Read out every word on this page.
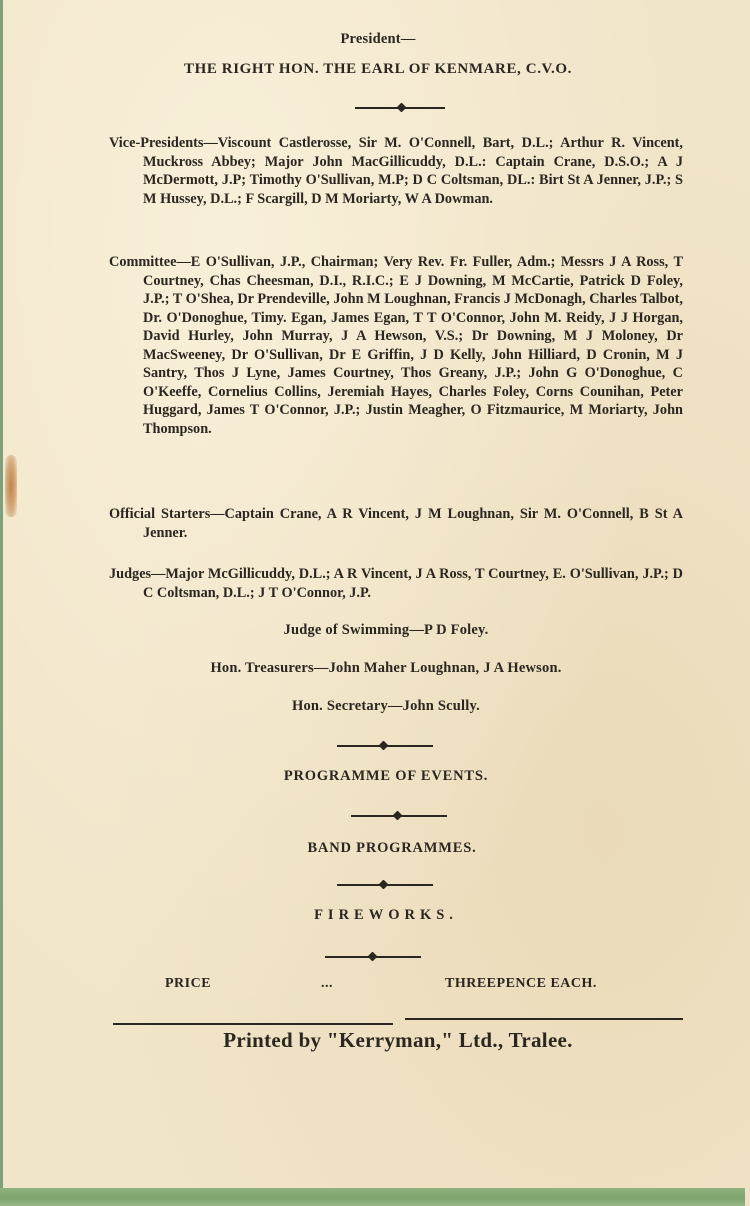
President—
THE RIGHT HON. THE EARL OF KENMARE, C.V.O.

Vice-Presidents—Viscount Castlerosse, Sir M. O'Connell, Bart, D.L.; Arthur R. Vincent, Muckross Abbey; Major John MacGillicuddy, D.L.: Captain Crane, D.S.O.; A J McDermott, J.P; Timothy O'Sullivan, M.P; D C Coltsman, DL.: Birt St A Jenner, J.P.; S M Hussey, D.L.; F Scargill, D M Moriarty, W A Dowman.

Committee—E O'Sullivan, J.P., Chairman; Very Rev. Fr. Fuller, Adm.; Messrs J A Ross, T Courtney, Chas Cheesman, D.I., R.I.C.; E J Downing, M McCartie, Patrick D Foley, J.P.; T O'Shea, Dr Prendeville, John M Loughnan, Francis J McDonagh, Charles Talbot, Dr. O'Donoghue, Timy. Egan, James Egan, T T O'Connor, John M. Reidy, J J Horgan, David Hurley, John Murray, J A Hewson, V.S.; Dr Downing, M J Moloney, Dr MacSweeney, Dr O'Sullivan, Dr E Griffin, J D Kelly, John Hilliard, D Cronin, M J Santry, Thos J Lyne, James Courtney, Thos Greany, J.P.; John G O'Donoghue, C O'Keeffe, Cornelius Collins, Jeremiah Hayes, Charles Foley, Corns Counihan, Peter Huggard, James T O'Connor, J.P.; Justin Meagher, O Fitzmaurice, M Moriarty, John Thompson.

Official Starters—Captain Crane, A R Vincent, J M Loughnan, Sir M. O'Connell, B St A Jenner.

Judges—Major McGillicuddy, D.L.; A R Vincent, J A Ross, T Courtney, E. O'Sullivan, J.P.; D C Coltsman, D.L.; J T O'Connor, J.P.

Judge of Swimming—P D Foley.
Hon. Treasurers—John Maher Loughnan, J A Hewson.
Hon. Secretary—John Scully.
PROGRAMME OF EVENTS.
BAND PROGRAMMES.
FIREWORKS.
PRICE	...	THREEPENCE EACH.
Printed by "Kerryman," Ltd., Tralee.
